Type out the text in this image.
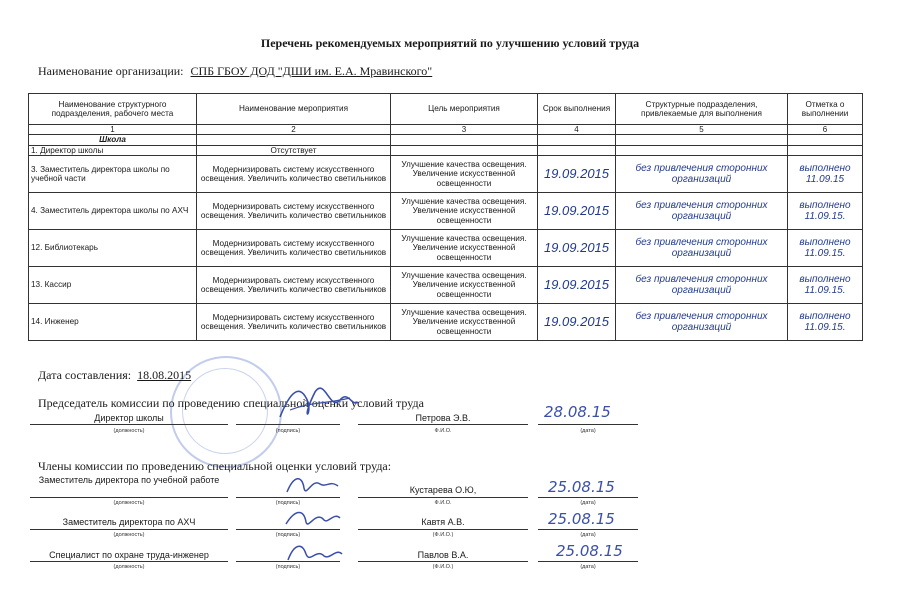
Перечень рекомендуемых мероприятий по улучшению условий труда
Наименование организации: СПБ ГБОУ ДОД "ДШИ им. Е.А. Мравинского"
Наименование структурного подразделения, рабочего места	Наименование мероприятия	Цель мероприятия	Срок выполнения	Структурные подразделения, привлекаемые для выполнения	Отметка о выполнении
1	2	3	4	5	6
Школа					
1. Директор школы	Отсутствует				
3. Заместитель директора школы по учебной части	Модернизировать систему искусственного освещения. Увеличить количество светильников	Улучшение качества освещения. Увеличение искусственной освещенности	19.09.2015	без привлечения сторонних организаций	выполнено 11.09.15
4. Заместитель директора школы по АХЧ	Модернизировать систему искусственного освещения. Увеличить количество светильников	Улучшение качества освещения. Увеличение искусственной освещенности	19.09.2015	без привлечения сторонних организаций	выполнено 11.09.15.
12. Библиотекарь	Модернизировать систему искусственного освещения. Увеличить количество светильников	Улучшение качества освещения. Увеличение искусственной освещенности	19.09.2015	без привлечения сторонних организаций	выполнено 11.09.15.
13. Кассир	Модернизировать систему искусственного освещения. Увеличить количество светильников	Улучшение качества освещения. Увеличение искусственной освещенности	19.09.2015	без привлечения сторонних организаций	выполнено 11.09.15.
14. Инженер	Модернизировать систему искусственного освещения. Увеличить количество светильников	Улучшение качества освещения. Увеличение искусственной освещенности	19.09.2015	без привлечения сторонних организаций	выполнено 11.09.15.
Дата составления: 18.08.2015
Председатель комиссии по проведению специальной оценки условий труда
Директор школы
(должность)	(подпись)
Петрова Э.В.
Ф.И.О.	(дата)
28.08.15
Члены комиссии по проведению специальной оценки условий труда:
Заместитель директора по учебной работе
(должность)	(подпись)
Кустарева О.Ю,
Ф.И.О.	(дата)
25.08.15
Заместитель директора по АХЧ
(должность)	(подпись)
Кавтя А.В.
(Ф.И.О.)	(дата)
25.08.15
Специалист по охране труда-инженер
(должность)	(подпись)
Павлов В.А.
(Ф.И.О.)	(дата)
25.08.15
